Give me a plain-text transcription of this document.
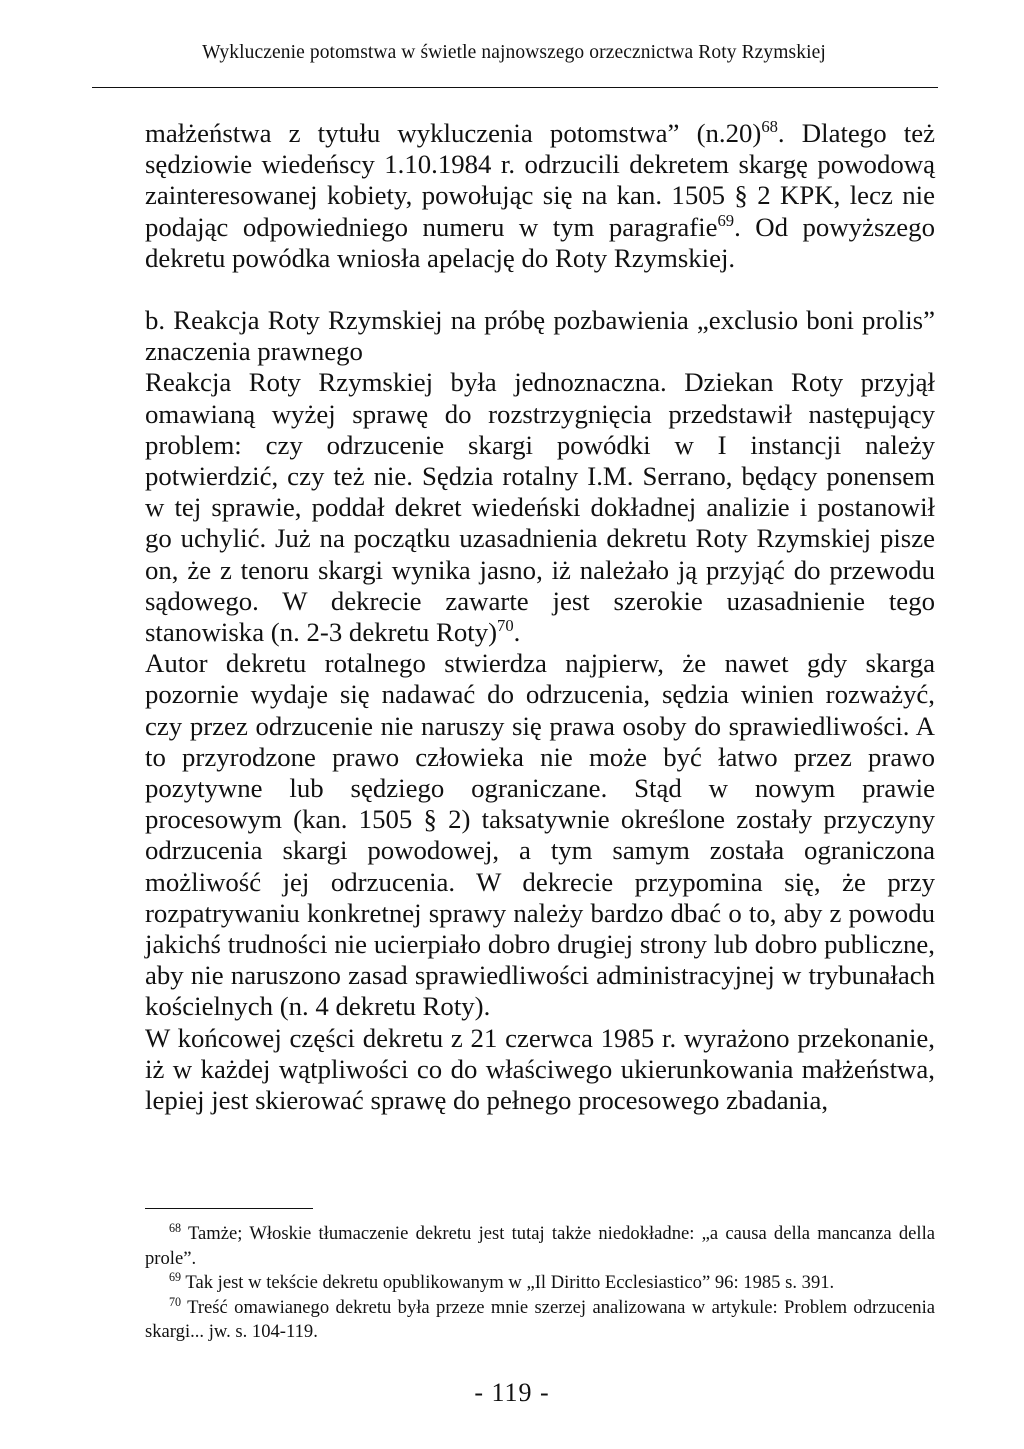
Wykluczenie potomstwa w świetle najnowszego orzecznictwa Roty Rzymskiej

małżeństwa z tytułu wykluczenia potomstwa” $(n.20)^{68}$. Dlatego też sędziowie wiedeńscy 1.10.1984 r. odrzucili dekretem skargę powodową zainteresowanej kobiety, powołując się na kan. 1505 § 2 KPK, lecz nie podając odpowiedniego numeru w tym paragrafie$^{69}$. Od powyższego dekretu powódka wniosła apelację do Roty Rzymskiej.

b. Reakcja Roty Rzymskiej na próbę pozbawienia „exclusio boni prolis” znaczenia prawnego

Reakcja Roty Rzymskiej była jednoznaczna. Dziekan Roty przyjął omawianą wyżej sprawę do rozstrzygnięcia przedstawił następujący problem: czy odrzucenie skargi powódki w I instancji należy potwierdzić, czy też nie. Sędzia rotalny I.M. Serrano, będący ponensem w tej sprawie, poddał dekret wiedeński dokładnej analizie i postanowił go uchylić. Już na początku uzasadnienia dekretu Roty Rzymskiej pisze on, że z tenoru skargi wynika jasno, iż należało ją przyjąć do przewodu sądowego. W dekrecie zawarte jest szerokie uzasadnienie tego stanowiska (n. 2-3 dekretu Roty)$^{70}$.

Autor dekretu rotalnego stwierdza najpierw, że nawet gdy skarga pozornie wydaje się nadawać do odrzucenia, sędzia winien rozważyć, czy przez odrzucenie nie naruszy się prawa osoby do sprawiedliwości. A to przyrodzone prawo człowieka nie może być łatwo przez prawo pozytywne lub sędziego ograniczane. Stąd w nowym prawie procesowym (kan. 1505 § 2) taksatywnie określone zostały przyczyny odrzucenia skargi powodowej, a tym samym została ograniczona możliwość jej odrzucenia. W dekrecie przypomina się, że przy rozpatrywaniu konkretnej sprawy należy bardzo dbać o to, aby z powodu jakichś trudności nie ucierpiało dobro drugiej strony lub dobro publiczne, aby nie naruszono zasad sprawiedliwości administracyjnej w trybunałach kościelnych (n. 4 dekretu Roty).

W końcowej części dekretu z 21 czerwca 1985 r. wyrażono przekonanie, iż w każdej wątpliwości co do właściwego ukierunkowania małżeństwa, lepiej jest skierować sprawę do pełnego procesowego zbadania,

$^{68}$ Tamże; Włoskie tłumaczenie dekretu jest tutaj także niedokładne: „a causa della mancanza della prole”.

$^{69}$ Tak jest w tekście dekretu opublikowanym w „Il Diritto Ecclesiastico” 96: 1985 s. 391.

$^{70}$ Treść omawianego dekretu była przeze mnie szerzej analizowana w artykule: Problem odrzucenia skargi... jw. s. 104-119.

- 119 -
